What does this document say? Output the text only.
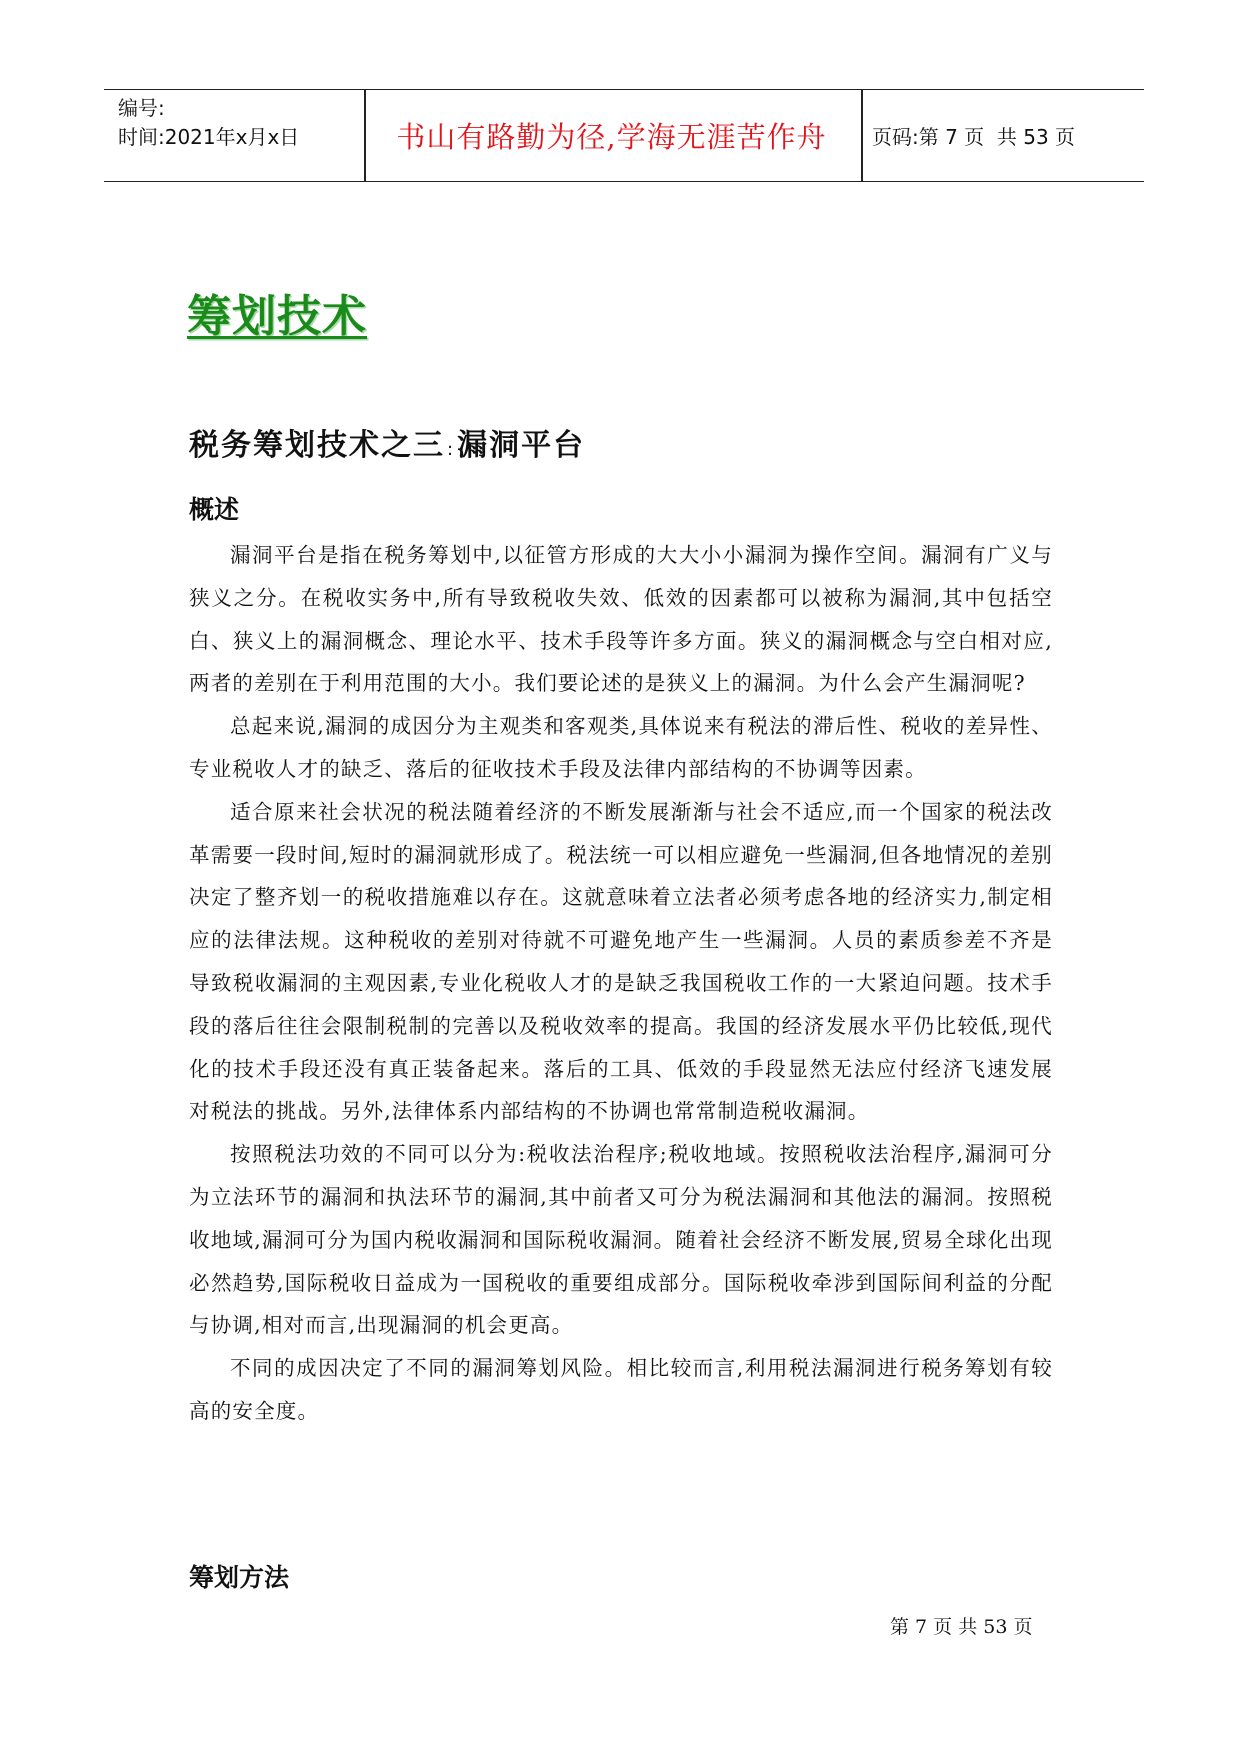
编号:
时间:2021年x月x日	书山有路勤为径,学海无涯苦作舟	页码:第 7 页  共 53 页
筹划技术
税务筹划技术之三 :漏洞平台
概述

漏洞平台是指在税务筹划中,以征管方形成的大大小小漏洞为操作空间。漏洞有广义与狭义之分。在税收实务中,所有导致税收失效、低效的因素都可以被称为漏洞,其中包括空白、狭义上的漏洞概念、理论水平、技术手段等许多方面。狭义的漏洞概念与空白相对应,两者的差别在于利用范围的大小。我们要论述的是狭义上的漏洞。为什么会产生漏洞呢?

总起来说,漏洞的成因分为主观类和客观类,具体说来有税法的滞后性、税收的差异性、专业税收人才的缺乏、落后的征收技术手段及法律内部结构的不协调等因素。

适合原来社会状况的税法随着经济的不断发展渐渐与社会不适应,而一个国家的税法改革需要一段时间,短时的漏洞就形成了。税法统一可以相应避免一些漏洞,但各地情况的差别决定了整齐划一的税收措施难以存在。这就意味着立法者必须考虑各地的经济实力,制定相应的法律法规。这种税收的差别对待就不可避免地产生一些漏洞。人员的素质参差不齐是导致税收漏洞的主观因素,专业化税收人才的是缺乏我国税收工作的一大紧迫问题。技术手段的落后往往会限制税制的完善以及税收效率的提高。我国的经济发展水平仍比较低,现代化的技术手段还没有真正装备起来。落后的工具、低效的手段显然无法应付经济飞速发展对税法的挑战。另外,法律体系内部结构的不协调也常常制造税收漏洞。

按照税法功效的不同可以分为:税收法治程序;税收地域。按照税收法治程序,漏洞可分为立法环节的漏洞和执法环节的漏洞,其中前者又可分为税法漏洞和其他法的漏洞。按照税收地域,漏洞可分为国内税收漏洞和国际税收漏洞。随着社会经济不断发展,贸易全球化出现必然趋势,国际税收日益成为一国税收的重要组成部分。国际税收牵涉到国际间利益的分配与协调,相对而言,出现漏洞的机会更高。

不同的成因决定了不同的漏洞筹划风险。相比较而言,利用税法漏洞进行税务筹划有较高的安全度。

筹划方法
第 7 页 共 53 页
